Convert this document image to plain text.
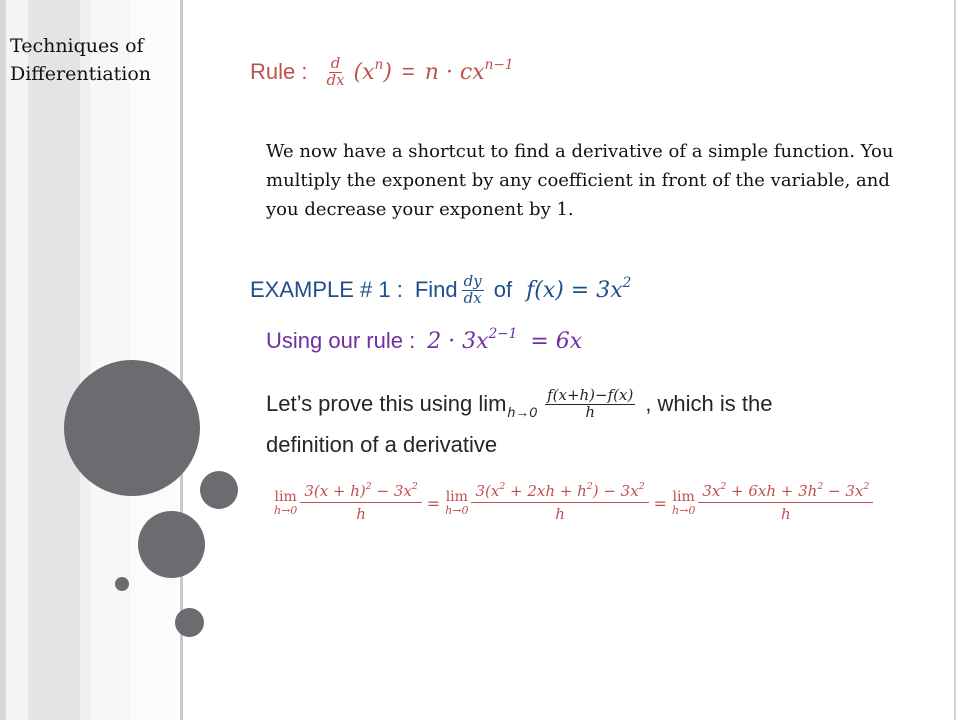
Techniques of
Differentiation	Rule : $\frac{d}{dx} (x^n) = n \cdot cx^{n-1}$
We now have a shortcut to find a derivative of a simple function. You multiply the exponent by any coefficient in front of the variable, and you decrease your exponent by 1.
EXAMPLE # 1 : Find $\frac{dy}{dx}$ of $f(x) = 3x^2$
Using our rule : $2 \cdot 3x^{2-1} = 6x$
Let’s prove this using $\lim h\to 0 \frac{f(x+h)-f(x)}{h}$ , which is the
definition of a derivative
lim
$h\to 0 \frac{3(x + h)^2 - 3x^2}{h} = \lim$
$h\to 0 \frac{3(x^2 + 2xh + h^2) - 3x^2}{h} = \lim$
$h\to 0 \frac{3x^2 + 6xh + 3h^2 - 3x^2}{h}$
